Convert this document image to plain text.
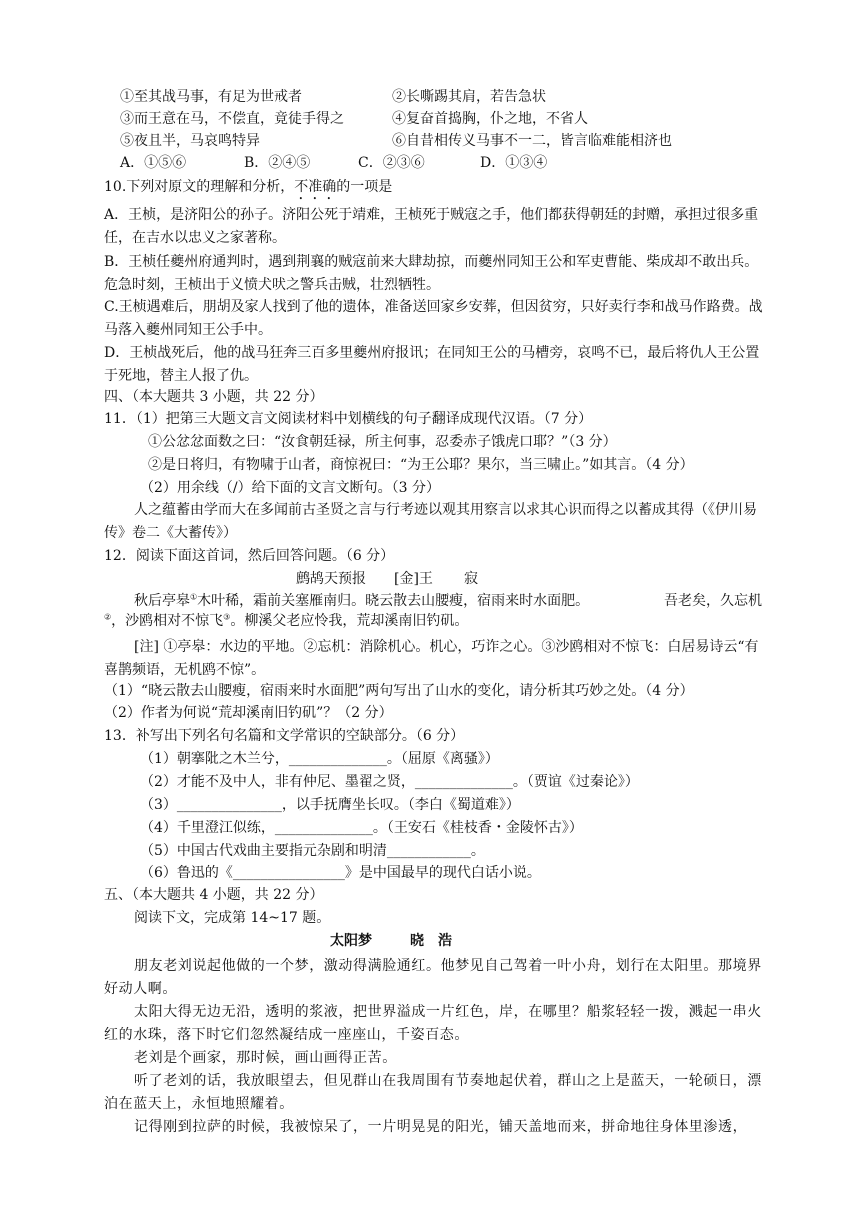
①至其战马事，有足为世戒者	②长嘶踢其肩，若告急状
③而王意在马，不偿直，竟徒手得之	④复奋首捣胸，仆之地，不省人
⑤夜且半，马哀鸣特异	⑥自昔相传义马事不一二，皆言临难能相济也
A．①⑤⑥	B．②④⑤	C．②③⑥	D．①③④
10.下列对原文的理解和分析，不准确的一项是
A．王桢，是济阳公的孙子。济阳公死于靖难，王桢死于贼寇之手，他们都获得朝廷的封赠，承担过很多重任，在吉水以忠义之家著称。
B．王桢任夔州府通判时，遇到荆襄的贼寇前来大肆劫掠，而夔州同知王公和军吏曹能、柴成却不敢出兵。危急时刻，王桢出于义愤犬吠之警兵击贼，壮烈牺牲。
C.王桢遇难后，朋胡及家人找到了他的遗体，准备送回家乡安葬，但因贫穷，只好卖行李和战马作路费。战马落入夔州同知王公手中。
D．王桢战死后，他的战马狂奔三百多里夔州府报讯；在同知王公的马槽旁，哀鸣不已，最后将仇人王公置于死地，替主人报了仇。
四、（本大题共 3 小题，共 22 分）
11．（1）把第三大题文言文阅读材料中划横线的句子翻译成现代汉语。（7 分）
①公忿忿面数之曰：“汝食朝廷禄，所主何事，忍委赤子饿虎口耶？”（3 分）
②是日将归，有物啸于山者，商惊祝曰：“为王公耶？果尔，当三啸止。”如其言。（4 分）
（2）用余线（/）给下面的文言文断句。（3 分）
人之蕴蓄由学而大在多闻前古圣贤之言与行考迹以观其用察言以求其心识而得之以蓄成其得（《伊川易传》卷二《大蓄传》）
12．阅读下面这首词，然后回答问题。（6 分）
鹧鸪天预报 [金]王 寂
秋后亭皋①木叶稀，霜前关塞雁南归。晓云散去山腰瘦，宿雨来时水面肥。	吾老矣，久忘机
②，沙鸥相对不惊飞③。柳溪父老应怜我，荒却溪南旧钓矶。
[注] ①亭皋：水边的平地。②忘机：消除机心。机心，巧诈之心。③沙鸥相对不惊飞：白居易诗云“有喜鹊频语，无机鸥不惊”。
（1）“晓云散去山腰瘦，宿雨来时水面肥”两句写出了山水的变化，请分析其巧妙之处。（4 分）
（2）作者为何说“荒却溪南旧钓矶”？（2 分）
13．补写出下列名句名篇和文学常识的空缺部分。（6 分）
（1）朝搴阰之木兰兮，______________。（屈原《离骚》）
（2）才能不及中人，非有仲尼、墨翟之贤，______________。（贾谊《过秦论》）
（3）_______________，以手抚膺坐长叹。（李白《蜀道难》）
（4）千里澄江似练，______________。（王安石《桂枝香・金陵怀古》）
（5）中国古代戏曲主要指元杂剧和明清____________。
（6）鲁迅的《________________》是中国最早的现代白话小说。
五、（本大题共 4 小题，共 22 分）
阅读下文，完成第 14~17 题。
太阳梦	晓　浩
朋友老刘说起他做的一个梦，激动得满脸通红。他梦见自己驾着一叶小舟，划行在太阳里。那境界好动人啊。
太阳大得无边无沿，透明的浆液，把世界溢成一片红色，岸，在哪里？船浆轻轻一拨，溅起一串火红的水珠，落下时它们忽然凝结成一座座山，千姿百态。
老刘是个画家，那时候，画山画得正苦。
听了老刘的话，我放眼望去，但见群山在我周围有节奏地起伏着，群山之上是蓝天，一轮硕日，漂泊在蓝天上，永恒地照耀着。
记得刚到拉萨的时候，我被惊呆了，一片明晃晃的阳光，铺天盖地而来，拼命地往身体里渗透，
